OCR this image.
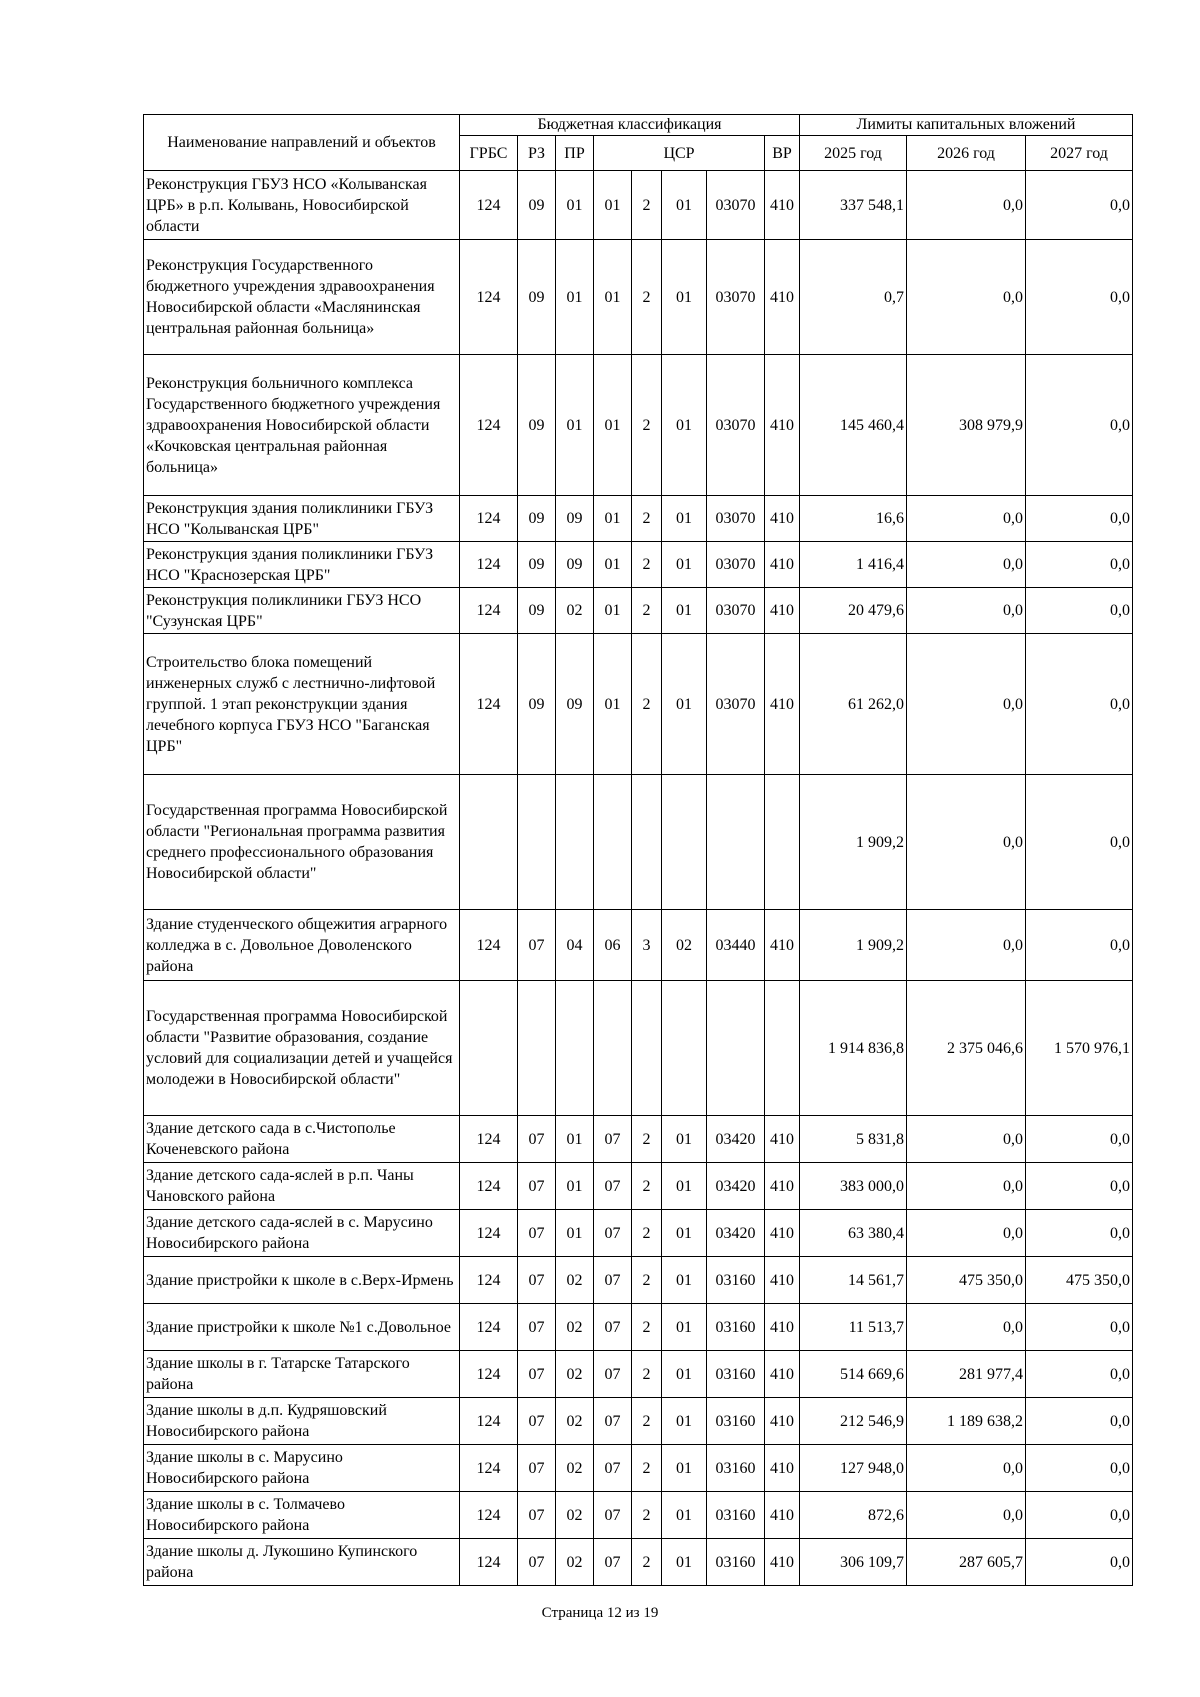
Наименование направлений и объектов	Бюджетная классификация								Лимиты капитальных вложений		
	ГРБС	РЗ	ПР	ЦСР				ВР	2025 год	2026 год	2027 год
Реконструкция ГБУЗ НСО «Колыванская ЦРБ» в р.п. Колывань, Новосибирской области	124	09	01	01	2	01	03070	410	337 548,1	0,0	0,0
Реконструкция Государственного бюджетного учреждения здравоохранения Новосибирской области «Маслянинская центральная районная больница»	124	09	01	01	2	01	03070	410	0,7	0,0	0,0
Реконструкция больничного комплекса Государственного бюджетного учреждения здравоохранения Новосибирской области «Кочковская центральная районная больница»	124	09	01	01	2	01	03070	410	145 460,4	308 979,9	0,0
Реконструкция здания поликлиники ГБУЗ НСО "Колыванская ЦРБ"	124	09	09	01	2	01	03070	410	16,6	0,0	0,0
Реконструкция здания поликлиники ГБУЗ НСО "Краснозерская ЦРБ"	124	09	09	01	2	01	03070	410	1 416,4	0,0	0,0
Реконструкция поликлиники ГБУЗ НСО "Сузунская ЦРБ"	124	09	02	01	2	01	03070	410	20 479,6	0,0	0,0
Строительство блока помещений инженерных служб с лестнично-лифтовой группой. 1 этап реконструкции здания лечебного корпуса ГБУЗ НСО "Баганская ЦРБ"	124	09	09	01	2	01	03070	410	61 262,0	0,0	0,0
Государственная программа Новосибирской области "Региональная программа развития среднего профессионального образования Новосибирской области"									1 909,2	0,0	0,0
Здание студенческого общежития аграрного колледжа в с. Довольное Доволенского района	124	07	04	06	3	02	03440	410	1 909,2	0,0	0,0
Государственная программа Новосибирской области "Развитие образования, создание условий для социализации детей и учащейся молодежи в Новосибирской области"									1 914 836,8	2 375 046,6	1 570 976,1
Здание детского сада в с.Чистополье Коченевского района	124	07	01	07	2	01	03420	410	5 831,8	0,0	0,0
Здание детского сада-яслей в р.п. Чаны Чановского района	124	07	01	07	2	01	03420	410	383 000,0	0,0	0,0
Здание детского сада-яслей в с. Марусино Новосибирского района	124	07	01	07	2	01	03420	410	63 380,4	0,0	0,0
Здание пристройки к школе в с.Верх-Ирмень	124	07	02	07	2	01	03160	410	14 561,7	475 350,0	475 350,0
Здание пристройки к школе №1 с.Довольное	124	07	02	07	2	01	03160	410	11 513,7	0,0	0,0
Здание школы в г. Татарске Татарского района	124	07	02	07	2	01	03160	410	514 669,6	281 977,4	0,0
Здание школы в д.п. Кудряшовский Новосибирского района	124	07	02	07	2	01	03160	410	212 546,9	1 189 638,2	0,0
Здание школы в с. Марусино Новосибирского района	124	07	02	07	2	01	03160	410	127 948,0	0,0	0,0
Здание школы в с. Толмачево Новосибирского района	124	07	02	07	2	01	03160	410	872,6	0,0	0,0
Здание школы д. Лукошино Купинского района	124	07	02	07	2	01	03160	410	306 109,7	287 605,7	0,0
Страница 12 из 19
